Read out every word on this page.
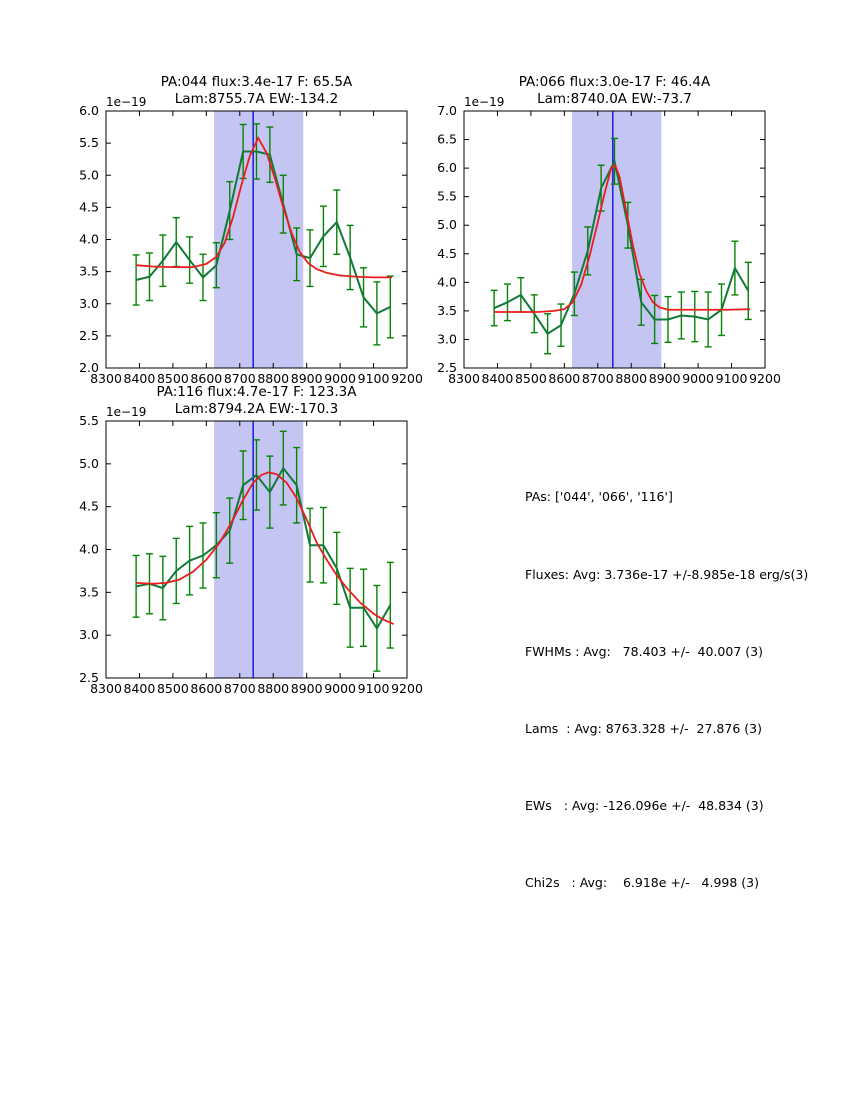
8300 8400 8500 8600 8700 8800 8900 9000 9100 9200
2.0
2.5
3.0
3.5
4.0
4.5
5.0
5.5
6.0
PA:044 flux:3.4e-17 F: 65.5A
Lam:8755.7A EW:-134.2
1e−19
8300 8400 8500 8600 8700 8800 8900 9000 9100 9200
2.5
3.0
3.5
4.0
4.5
5.0
5.5
6.0
6.5
7.0
PA:066 flux:3.0e-17 F: 46.4A
Lam:8740.0A EW:-73.7
1e−19
8300 8400 8500 8600 8700 8800 8900 9000 9100 9200
2.5
3.0
3.5
4.0
4.5
5.0
5.5
PA:116 flux:4.7e-17 F: 123.3A
Lam:8794.2A EW:-170.3
1e−19

PAs: ['044', '066', '116']

Fluxes: Avg: 3.736e-17 +/-8.985e-18 erg/s(3)

FWHMs : Avg:   78.403 +/-  40.007 (3)

Lams  : Avg: 8763.328 +/-  27.876 (3)

EWs   : Avg: -126.096e +/-  48.834 (3)

Chi2s   : Avg:    6.918e +/-   4.998 (3)
